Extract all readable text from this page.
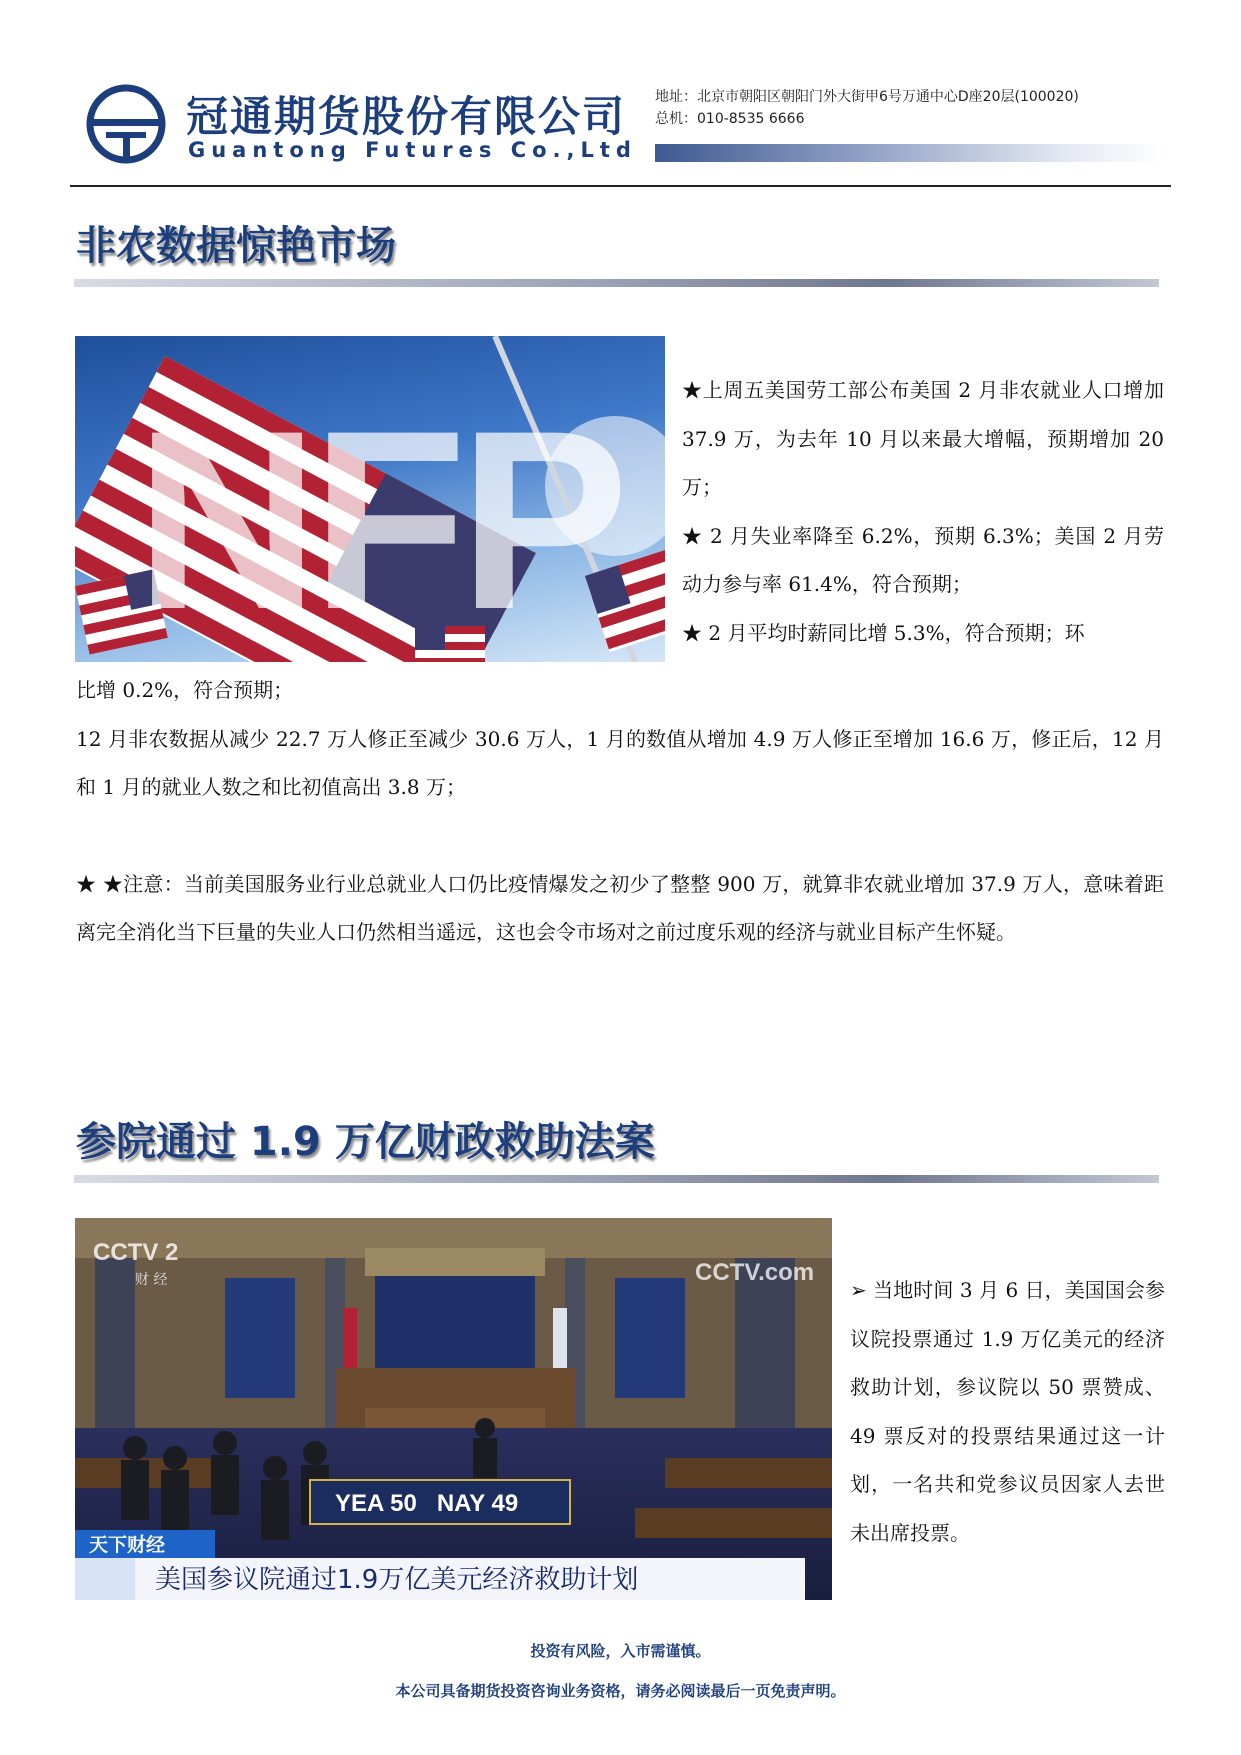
冠通期货股份有限公司
Guantong Futures Co.,Ltd
地址：北京市朝阳区朝阳门外大街甲6号万通中心D座20层(100020)
总机：010-8535 6666
非农数据惊艳市场
NFP	★上周五美国劳工部公布美国 2 月非农就业人口增加 37.9 万，为去年 10 月以来最大增幅，预期增加 20 万；

★ 2 月失业率降至 6.2%，预期 6.3%；美国 2 月劳动力参与率 61.4%，符合预期；

★ 2 月平均时薪同比增 5.3%，符合预期；环

比增 0.2%，符合预期；

12 月非农数据从减少 22.7 万人修正至减少 30.6 万人，1 月的数值从增加 4.9 万人修正至增加 16.6 万，修正后，12 月和 1 月的就业人数之和比初值高出 3.8 万；

★ ★注意：当前美国服务业行业总就业人口仍比疫情爆发之初少了整整 900 万，就算非农就业增加 37.9 万人，意味着距离完全消化当下巨量的失业人口仍然相当遥远，这也会令市场对之前过度乐观的经济与就业目标产生怀疑。

参院通过 1.9 万亿财政救助法案
CCTV 2
财 经	CCTV.com
YEA 50   NAY 49
天下财经
美国参议院通过1.9万亿美元经济救助计划
➢ 当地时间 3 月 6 日，美国国会参议院投票通过 1.9 万亿美元的经济救助计划，参议院以 50 票赞成、49 票反对的投票结果通过这一计划，一名共和党参议员因家人去世未出席投票。
投资有风险，入市需谨慎。
本公司具备期货投资咨询业务资格，请务必阅读最后一页免责声明。
